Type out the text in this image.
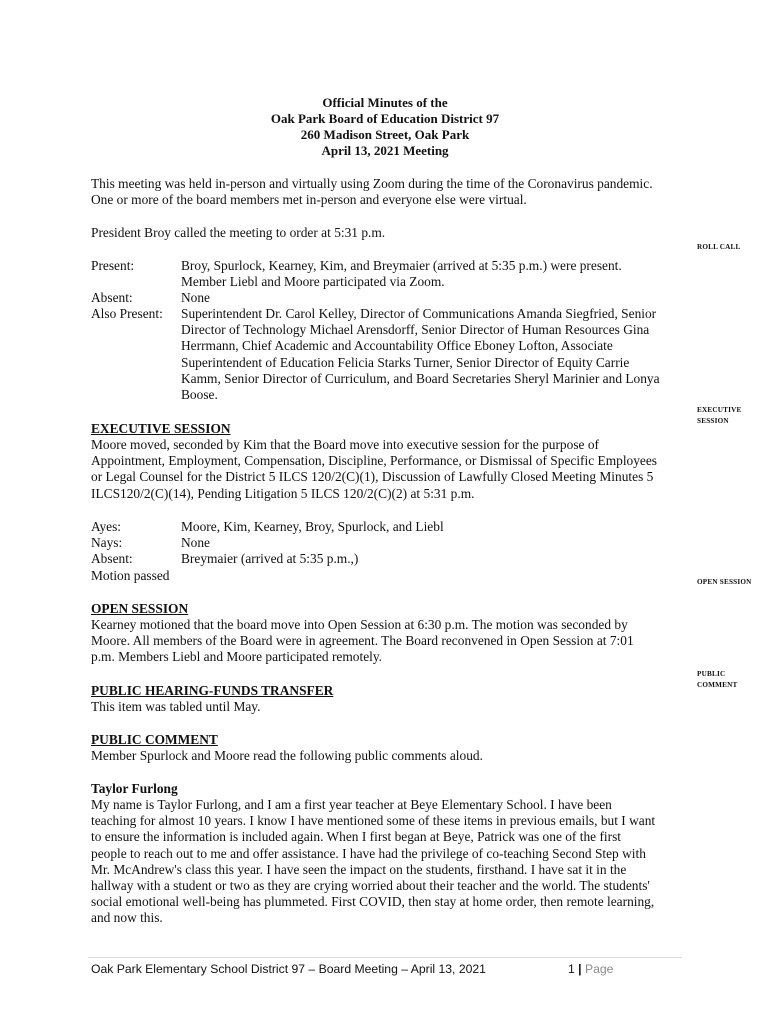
Official Minutes of the
Oak Park Board of Education District 97
260 Madison Street, Oak Park
April 13, 2021 Meeting
This meeting was held in-person and virtually using Zoom during the time of the Coronavirus pandemic.
One or more of the board members met in-person and everyone else were virtual.
President Broy called the meeting to order at 5:31 p.m.
ROLL CALL
EXECUTIVE
SESSION
OPEN SESSION
PUBLIC
COMMENT
Present:	Broy, Spurlock, Kearney, Kim, and Breymaier (arrived at 5:35 p.m.) were present.
Member Liebl and Moore participated via Zoom.
Absent:	None
Also Present: Superintendent Dr. Carol Kelley, Director of Communications Amanda Siegfried, Senior
Director of Technology Michael Arensdorff, Senior Director of Human Resources Gina
Herrmann, Chief Academic and Accountability Office Eboney Lofton, Associate
Superintendent of Education Felicia Starks Turner, Senior Director of Equity Carrie
Kamm, Senior Director of Curriculum, and Board Secretaries Sheryl Marinier and Lonya
Boose.
EXECUTIVE SESSION
Moore moved, seconded by Kim that the Board move into executive session for the purpose of
Appointment, Employment, Compensation, Discipline, Performance, or Dismissal of Specific Employees
or Legal Counsel for the District 5 ILCS 120/2(C)(1), Discussion of Lawfully Closed Meeting Minutes 5
ILCS120/2(C)(14), Pending Litigation 5 ILCS 120/2(C)(2) at 5:31 p.m.
Ayes:	Moore, Kim, Kearney, Broy, Spurlock, and Liebl
Nays:	None
Absent:	Breymaier (arrived at 5:35 p.m.,)
Motion passed
OPEN SESSION
Kearney motioned that the board move into Open Session at 6:30 p.m. The motion was seconded by
Moore. All members of the Board were in agreement. The Board reconvened in Open Session at 7:01
p.m. Members Liebl and Moore participated remotely.
PUBLIC HEARING-FUNDS TRANSFER
This item was tabled until May.
PUBLIC COMMENT
Member Spurlock and Moore read the following public comments aloud.
Taylor Furlong
My name is Taylor Furlong, and I am a first year teacher at Beye Elementary School. I have been
teaching for almost 10 years. I know I have mentioned some of these items in previous emails, but I want
to ensure the information is included again. When I first began at Beye, Patrick was one of the first
people to reach out to me and offer assistance. I have had the privilege of co-teaching Second Step with
Mr. McAndrew's class this year. I have seen the impact on the students, firsthand. I have sat it in the
hallway with a student or two as they are crying worried about their teacher and the world. The students'
social emotional well-being has plummeted. First COVID, then stay at home order, then remote learning,
and now this.
Oak Park Elementary School District 97 – Board Meeting – April 13, 2021	1 | Page
